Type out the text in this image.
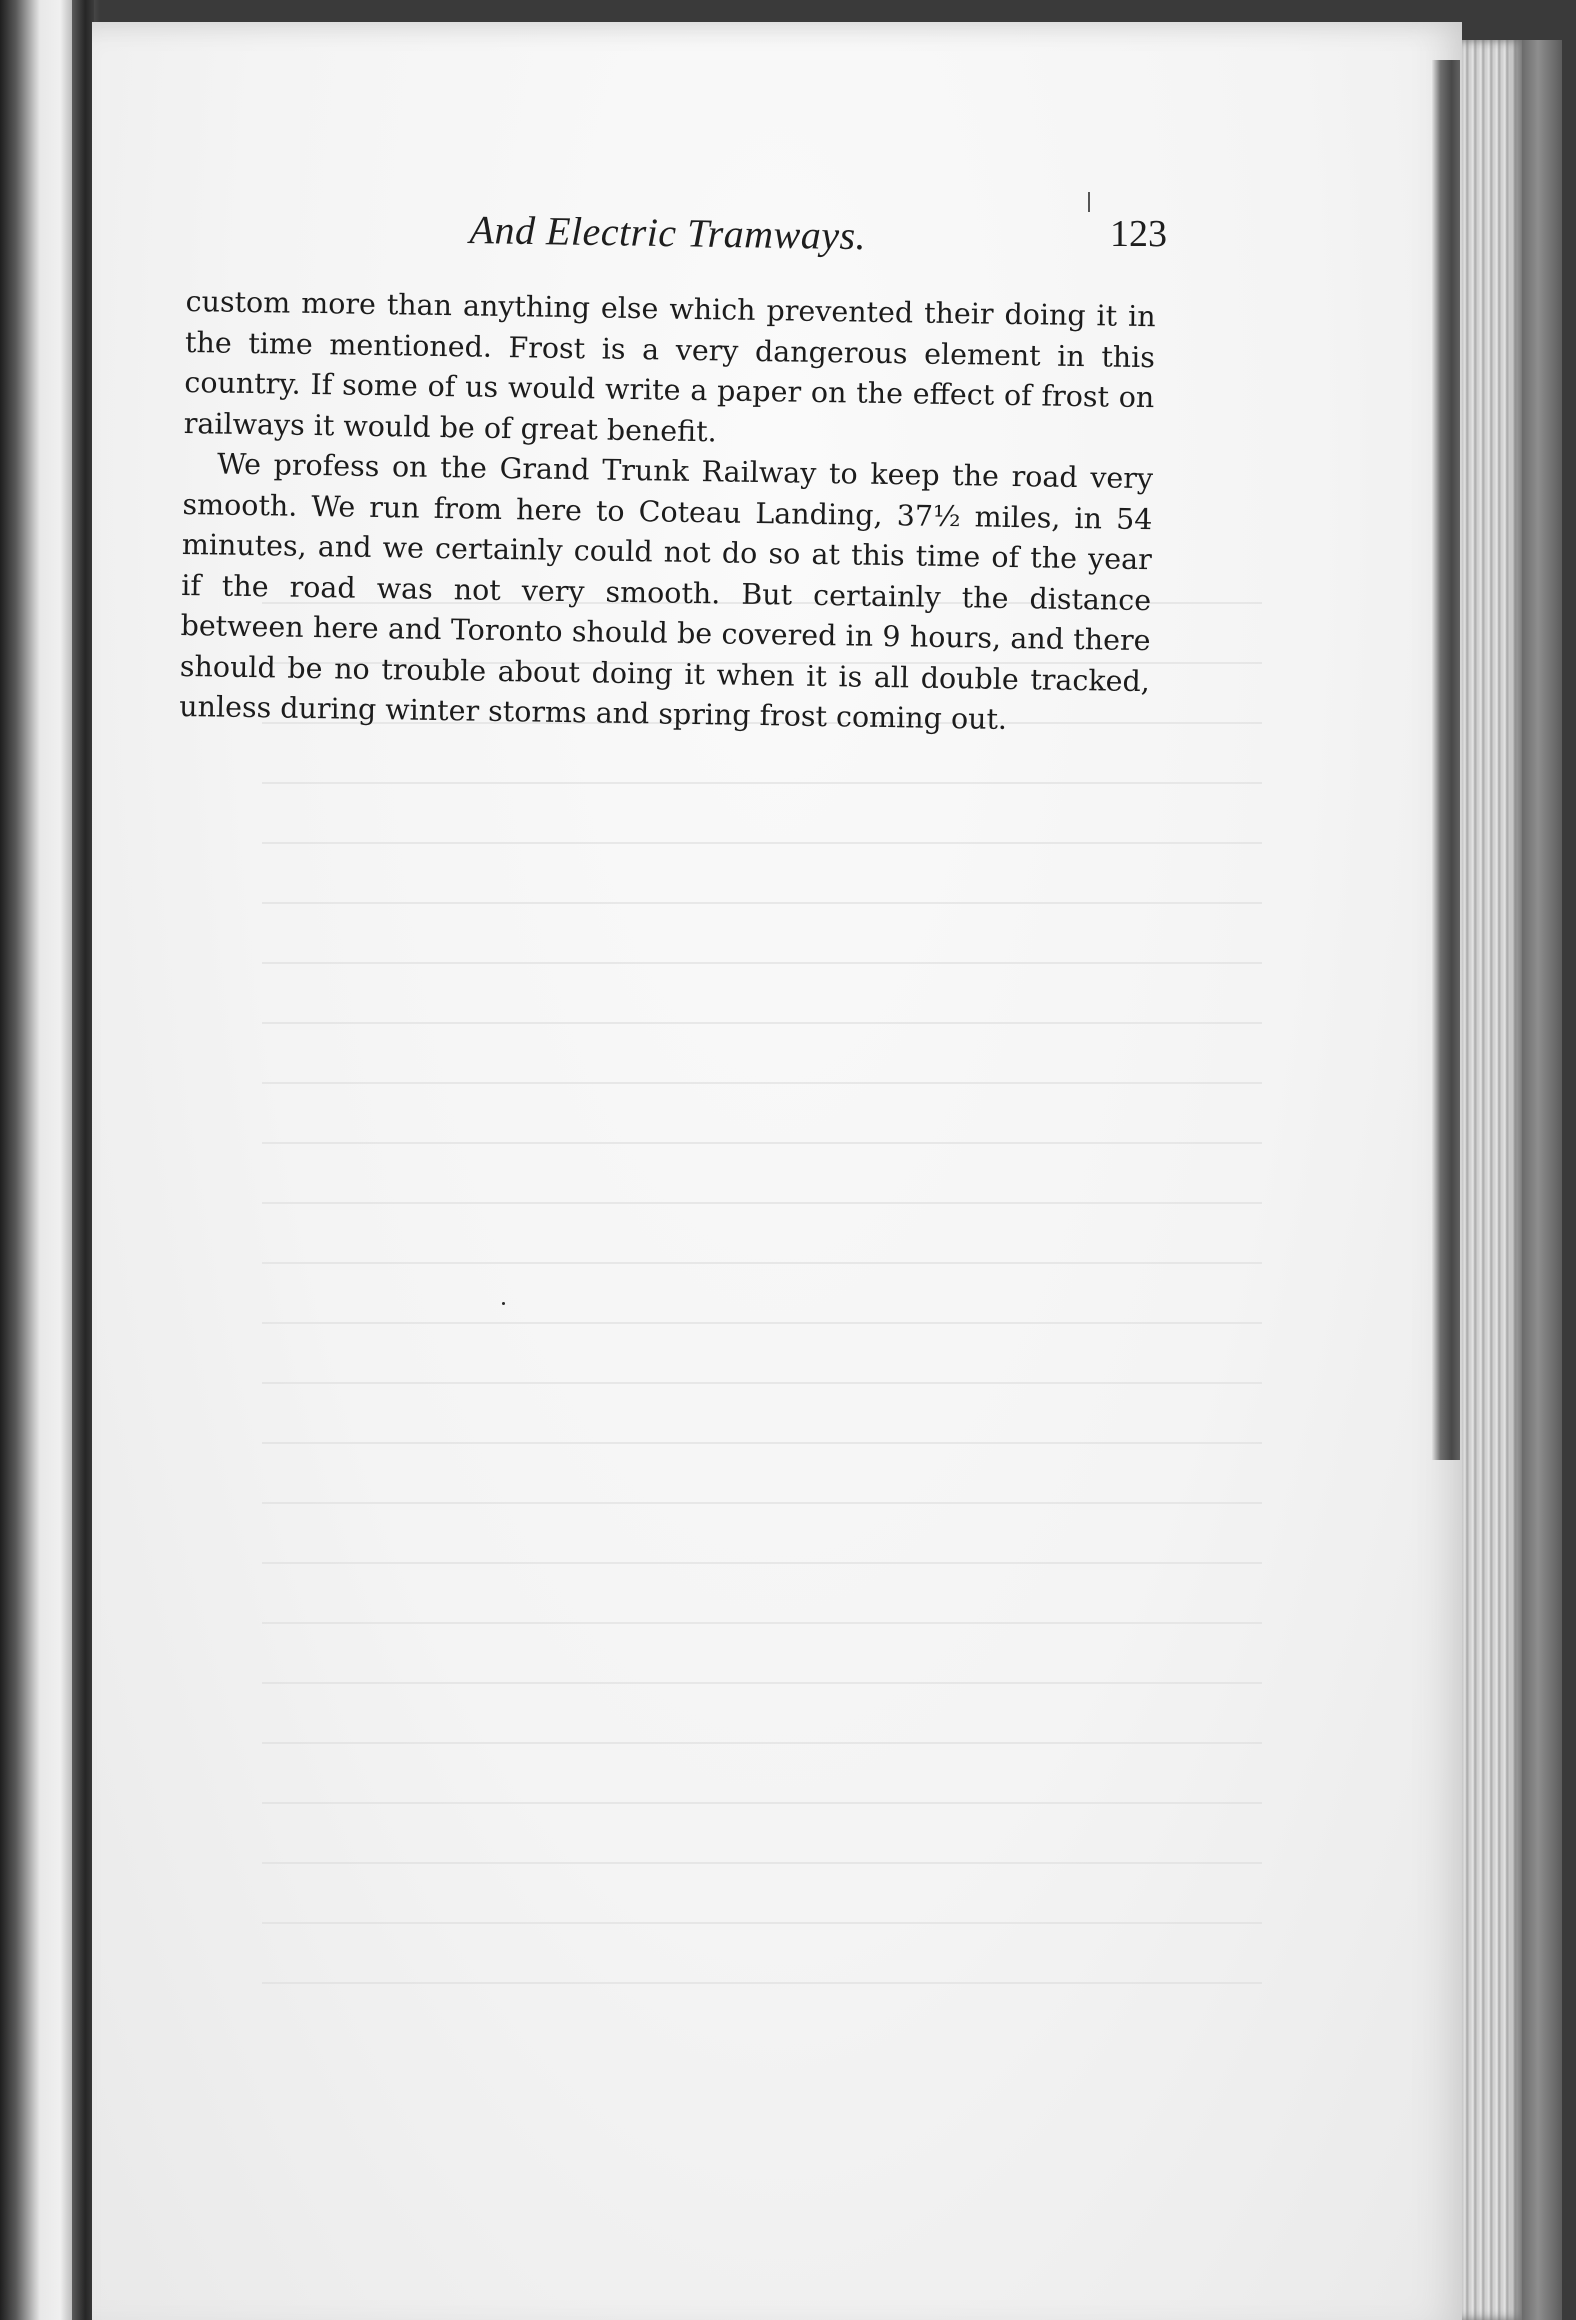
And Electric Tramways.	123

custom more than anything else which prevented their doing it in the time mentioned. Frost is a very dangerous element in this country. If some of us would write a paper on the effect of frost on railways it would be of great benefit.

We profess on the Grand Trunk Railway to keep the road very smooth. We run from here to Coteau Landing, 37½ miles, in 54 minutes, and we certainly could not do so at this time of the year if the road was not very smooth. But certainly the distance between here and Toronto should be covered in 9 hours, and there should be no trouble about doing it when it is all double tracked, unless during winter storms and spring frost coming out.
